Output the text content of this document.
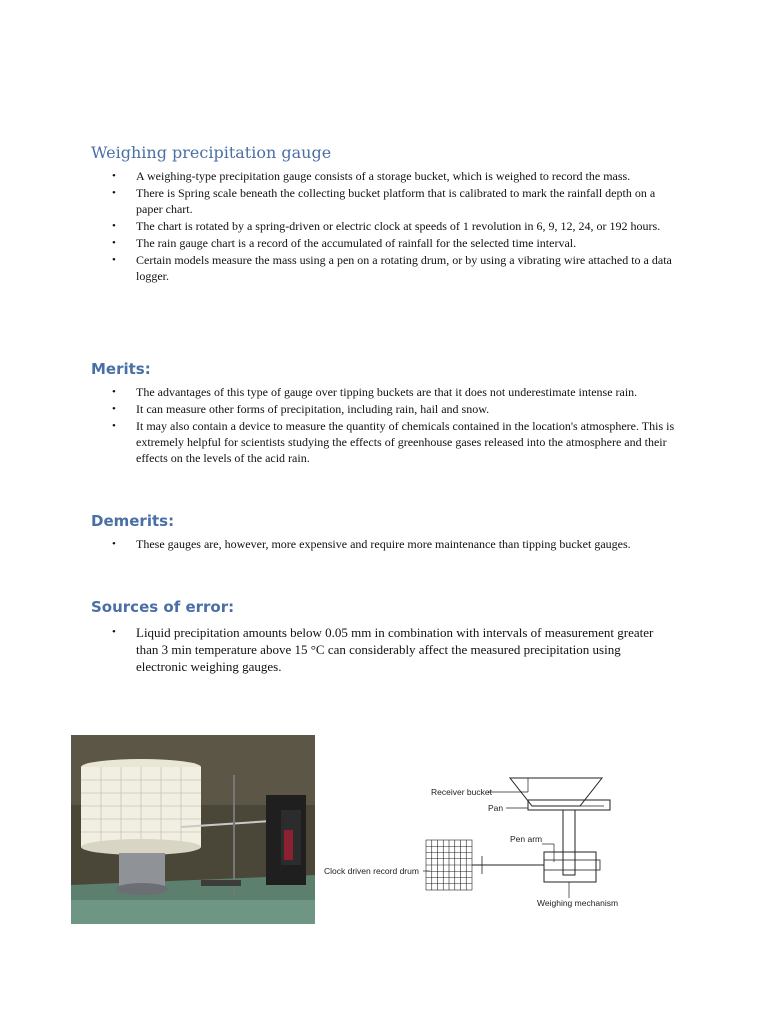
Weighing precipitation gauge
• A weighing-type precipitation gauge consists of a storage bucket, which is weighed to record the mass.
• There is Spring scale beneath the collecting bucket platform that is calibrated to mark the rainfall depth on a paper chart.
• The chart is rotated by a spring-driven or electric clock at speeds of 1 revolution in 6, 9, 12, 24, or 192 hours.
• The rain gauge chart is a record of the accumulated of rainfall for the selected time interval.
• Certain models measure the mass using a pen on a rotating drum, or by using a vibrating wire attached to a data logger.
Merits:
• The advantages of this type of gauge over tipping buckets are that it does not underestimate intense rain.
• It can measure other forms of precipitation, including rain, hail and snow.
• It may also contain a device to measure the quantity of chemicals contained in the location's atmosphere. This is extremely helpful for scientists studying the effects of greenhouse gases released into the atmosphere and their effects on the levels of the acid rain.
Demerits:
• These gauges are, however, more expensive and require more maintenance than tipping bucket gauges.
Sources of error:
• Liquid precipitation amounts below 0.05 mm in combination with intervals of measurement greater than 3 min temperature above 15 °C can considerably affect the measured precipitation using electronic weighing gauges.
Receiver bucket
Pan
Pen arm
Clock driven record drum
Weighing mechanism
